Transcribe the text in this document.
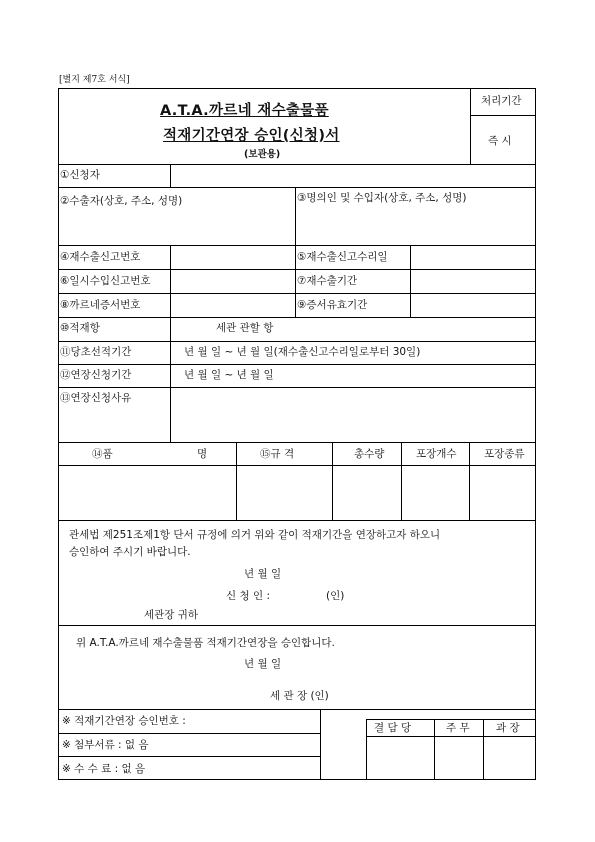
[별지 제7호 서식]
A.T.A.까르네 재수출물품
적재기간연장 승인(신청)서
(보관용)
처리기간
즉 시
①신청자
②수출자(상호, 주소, 성명)	③명의인 및 수입자(상호, 주소, 성명)
④재수출신고번호	⑤재수출신고수리일
⑥일시수입신고번호	⑦재수출기간
⑧까르네증서번호	⑨증서유효기간
⑩적재항	세관 관할 항
⑪당초선적기간	년 월 일 ~ 년 월 일(재수출신고수리일로부터 30일)
⑫연장신청기간	년 월 일 ~ 년 월 일
⑬연장신청사유
⑭품	명	⑮규 격	총수량	포장개수	포장종류
관세법 제251조제1항 단서 규정에 의거 위와 같이 적재기간을 연장하고자 하오니
승인하여 주시기 바랍니다.
년 월 일
신 청 인 :	(인)
세관장 귀하
위 A.T.A.까르네 재수출물품 적재기간연장을 승인합니다.
년 월 일
세 관 장 (인)
※ 적재기간연장 승인번호 :
※ 첨부서류 : 없 음
※ 수 수 료 : 없 음
결 담 당	주 무	과 장
